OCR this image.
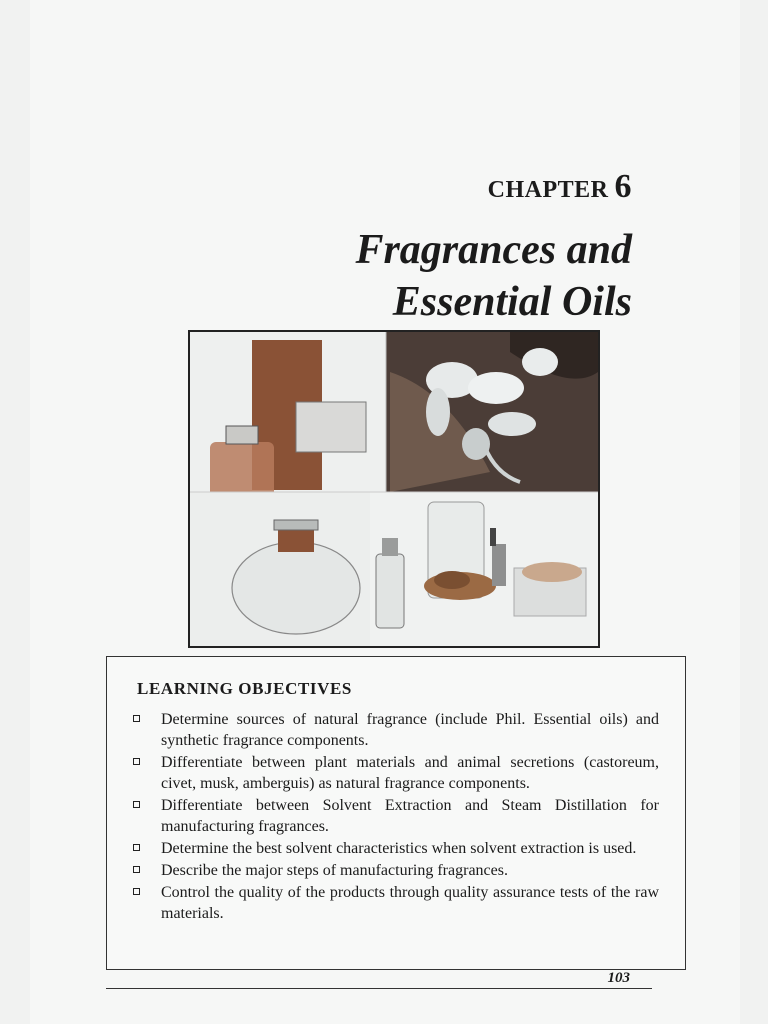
CHAPTER 6
Fragrances and
Essential Oils
LEARNING OBJECTIVES
Determine sources of natural fragrance (include Phil. Essential oils) and synthetic fragrance components.
Differentiate between plant materials and animal secretions (castoreum, civet, musk, amberguis) as natural fragrance components.
Differentiate between Solvent Extraction and Steam Distillation for manufacturing fragrances.
Determine the best solvent characteristics when solvent extraction is used.
Describe the major steps of manufacturing fragrances.
Control the quality of the products through quality assurance tests of the raw materials.
103
